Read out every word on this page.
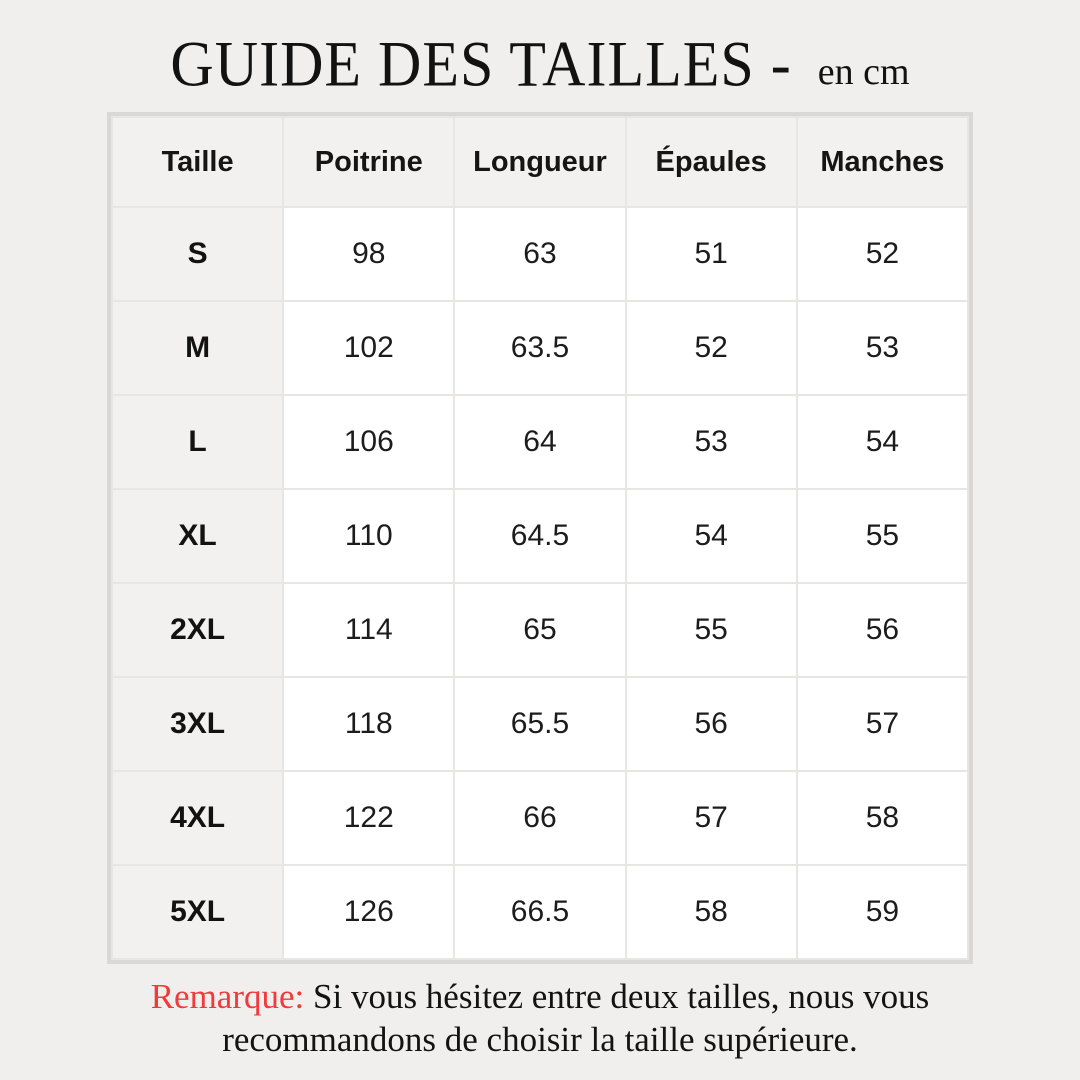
GUIDE DES TAILLES - en cm
Taille	Poitrine	Longueur	Épaules	Manches
S	98	63	51	52
M	102	63.5	52	53
L	106	64	53	54
XL	110	64.5	54	55
2XL	114	65	55	56
3XL	118	65.5	56	57
4XL	122	66	57	58
5XL	126	66.5	58	59
Remarque: Si vous hésitez entre deux tailles, nous vous recommandons de choisir la taille supérieure.
